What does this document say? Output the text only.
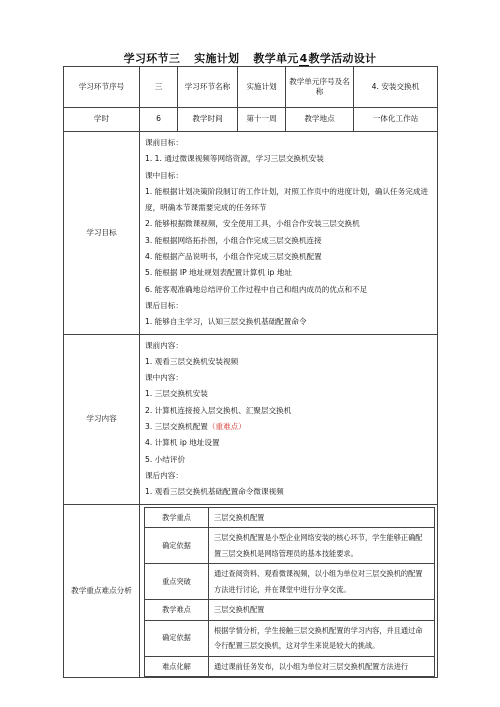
学习环节三 实施计划 教学单元4教学活动设计
学习环节序号	三	学习环节名称	实施计划	教学单元序号及名称	4. 安装交换机
学时	6	教学时间	第十一周	教学地点	一体化工作站
学习目标	
课前目标：
1. 1. 通过微课视频等网络资源，学习三层交换机安装
课中目标：
1. 能根据计划决策阶段制订的工作计划，对照工作页中的进度计划，确认任务完成进度，明确本节课需要完成的任务环节
2. 能够根据微课视频，安全使用工具，小组合作安装三层交换机
3. 能根据网络拓扑图，小组合作完成三层交换机连接
4. 能根据产品说明书，小组合作完成三层交换机配置
5. 能根据 IP 地址规划表配置计算机 ip 地址
6. 能客观准确地总结评价工作过程中自己和组内成员的优点和不足
课后目标：
1. 能够自主学习，认知三层交换机基础配置命令

学习内容	
课前内容：
1. 观看三层交换机安装视频
课中内容：
1. 三层交换机安装
2. 计算机连接接入层交换机、汇聚层交换机
3. 三层交换机配置（重难点）
4. 计算机 ip 地址设置
5. 小结评价
课后内容：
1. 观看三层交换机基础配置命令微课视频

教学重点难点分析	
教学重点	三层交换机配置
确定依据	三层交换机配置是小型企业网络安装的核心环节，学生能够正确配置三层交换机是网络管理员的基本技能要求。
重点突破	通过查阅资料、观看微课视频，以小组为单位对三层交换机的配置方法进行讨论，并在课堂中进行分享交流。
教学难点	三层交换机配置
确定依据	根据学情分析，学生接触三层交换机配置的学习内容，并且通过命令行配置三层交换机，这对学生来说是较大的挑战。
难点化解	通过课前任务发布，以小组为单位对三层交换机配置方法进行
